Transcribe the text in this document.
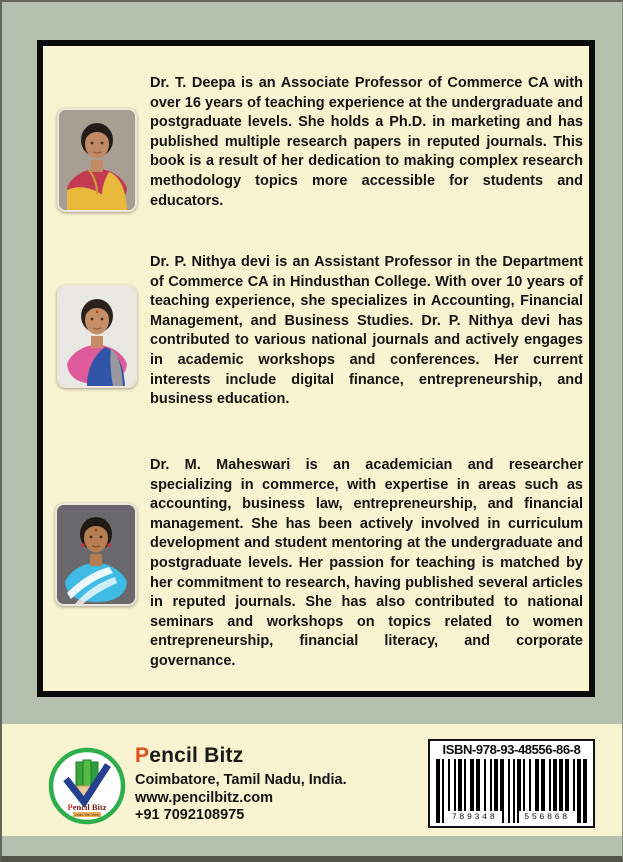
Dr. T. Deepa is an Associate Professor of Commerce CA with over 16 years of teaching experience at the undergraduate and postgraduate levels. She holds a Ph.D. in marketing and has published multiple research papers in reputed journals. This book is a result of her dedication to making complex research methodology topics more accessible for students and educators.

Dr. P. Nithya devi is an Assistant Professor in the Department of Commerce CA in Hindusthan College. With over 10 years of teaching experience, she specializes in Accounting, Financial Management, and Business Studies. Dr. P. Nithya devi has contributed to various national journals and actively engages in academic workshops and conferences. Her current interests include digital finance, entrepreneurship, and business education.

Dr. M. Maheswari is an academician and researcher specializing in commerce, with expertise in areas such as accounting, business law, entrepreneurship, and financial management. She has been actively involved in curriculum development and student mentoring at the undergraduate and postgraduate levels. Her passion for teaching is matched by her commitment to research, having published several articles in reputed journals. She has also contributed to national seminars and workshops on topics related to women entrepreneurship, financial literacy, and corporate governance.

Pencil Bitz
Lead the Web
Pencil Bitz
Coimbatore, Tamil Nadu, India.
www.pencilbitz.com
+91 7092108975
ISBN-978-93-48556-86-8
789348	556868
